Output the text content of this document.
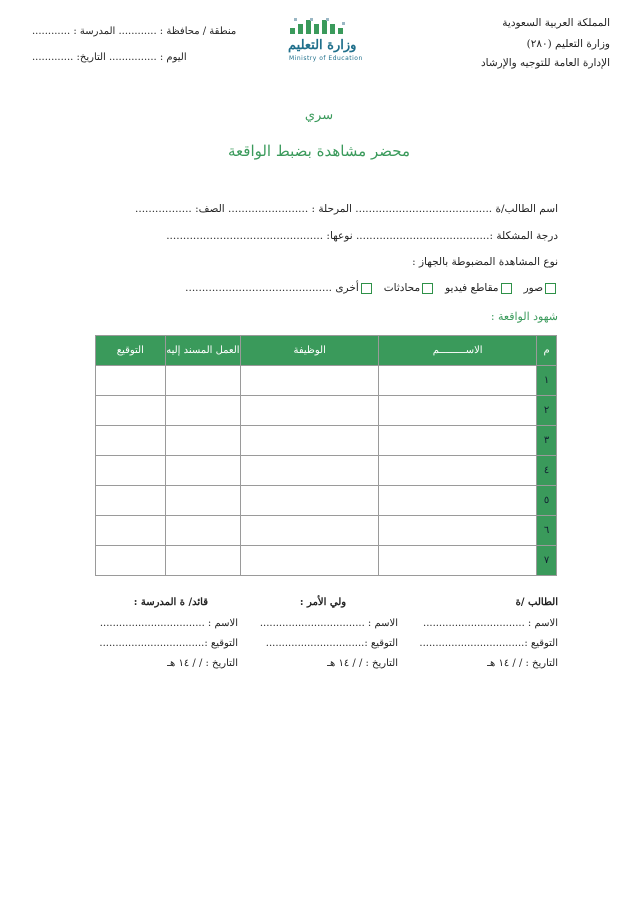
المملكة العربية السعودية
وزارة التعليم (٢٨٠)
الإدارة العامة للتوجيه والإرشاد
منطقة / محافظة : ............ المدرسة : ............
اليوم : ............... التاريخ: .............
وزارة التعليم
Ministry of Education
سري
محضر مشاهدة بضبط الواقعة
اسم الطالب/ة ......................................... المرحلة : ........................ الصف: .................
درجة المشكلة :........................................ نوعها: ...............................................
نوع المشاهدة المضبوطة بالجهاز :
صور   مقاطع فيديو   محادثات   أخرى ............................................
شهود الواقعة :
م	الاســـــــــم	الوظيفة	العمل المسند إليه	التوقيع
١				
٢				
٣				
٤				
٥				
٦				
٧				
الطالب /ة
الاسم : ................................
التوقيع :.................................
التاريخ : / / ١٤ هـ
ولي الأمر :
الاسم : .................................
التوقيع :...............................
التاريخ : / / ١٤ هـ
قائد/ ة المدرسة :
الاسم : .................................
التوقيع :.................................
التاريخ : / / ١٤ هـ
